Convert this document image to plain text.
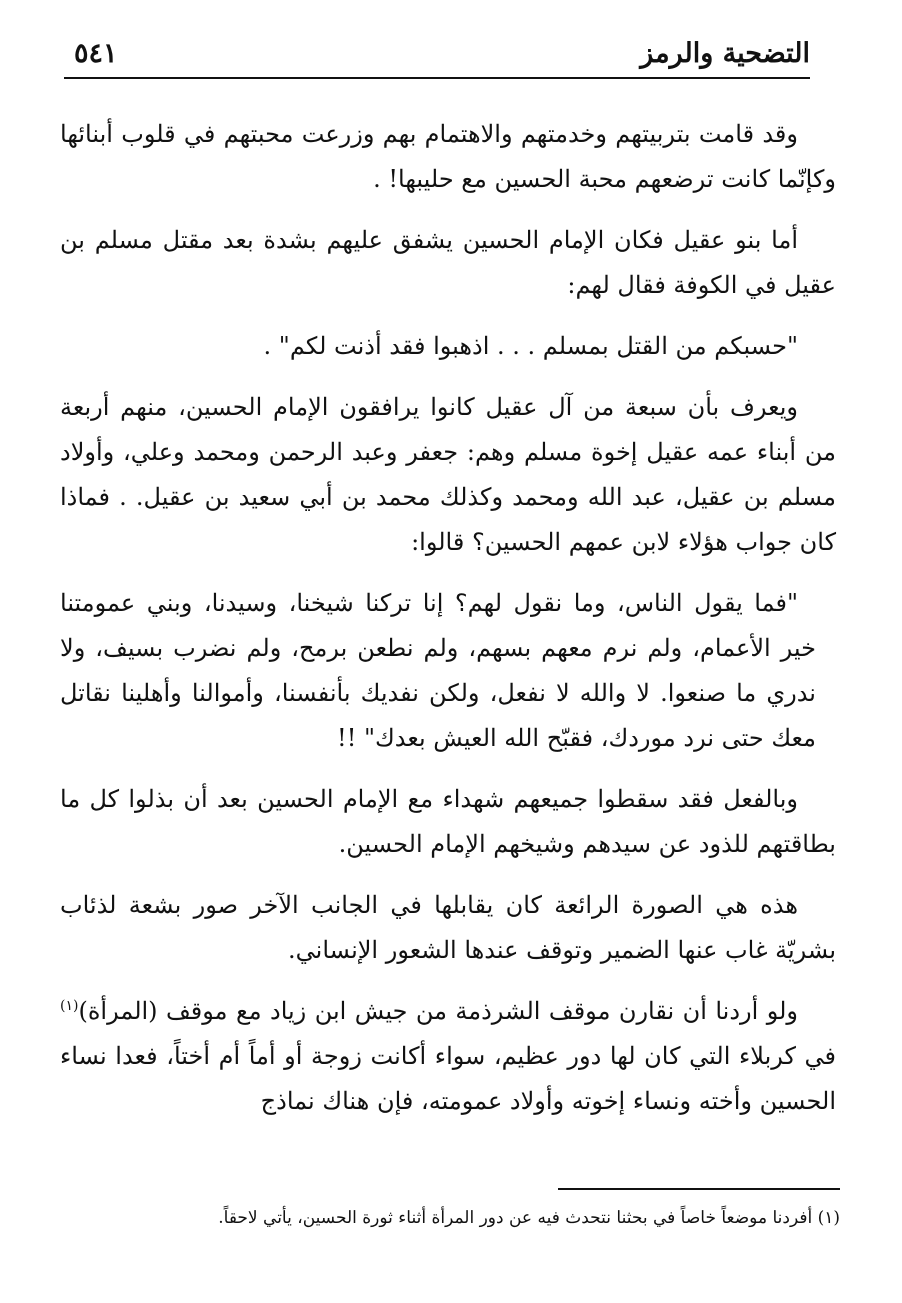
التضحية والرمز
٥٤١

وقد قامت بتربيتهم وخدمتهم والاهتمام بهم وزرعت محبتهم في قلوب أبنائها وكإنّما كانت ترضعهم محبة الحسين مع حليبها! .

أما بنو عقيل فكان الإمام الحسين يشفق عليهم بشدة بعد مقتل مسلم بن عقيل في الكوفة فقال لهم:

"حسبكم من القتل بمسلم . . . اذهبوا فقد أذنت لكم" .

ويعرف بأن سبعة من آل عقيل كانوا يرافقون الإمام الحسين، منهم أربعة من أبناء عمه عقيل إخوة مسلم وهم: جعفر وعبد الرحمن ومحمد وعلي، وأولاد مسلم بن عقيل، عبد الله ومحمد وكذلك محمد بن أبي سعيد بن عقيل. . فماذا كان جواب هؤلاء لابن عمهم الحسين؟ قالوا:

"فما يقول الناس، وما نقول لهم؟ إنا تركنا شيخنا، وسيدنا، وبني عمومتنا خير الأعمام، ولم نرم معهم بسهم، ولم نطعن برمح، ولم نضرب بسيف، ولا ندري ما صنعوا. لا والله لا نفعل، ولكن نفديك بأنفسنا، وأموالنا وأهلينا نقاتل معك حتى نرد موردك، فقبّح الله العيش بعدك" !!

وبالفعل فقد سقطوا جميعهم شهداء مع الإمام الحسين بعد أن بذلوا كل ما بطاقتهم للذود عن سيدهم وشيخهم الإمام الحسين.

هذه هي الصورة الرائعة كان يقابلها في الجانب الآخر صور بشعة لذئاب بشريّة غاب عنها الضمير وتوقف عندها الشعور الإنساني.

ولو أردنا أن نقارن موقف الشرذمة من جيش ابن زياد مع موقف (المرأة)$^{(١)}$ في كربلاء التي كان لها دور عظيم، سواء أكانت زوجة أو أماً أم أختاً، فعدا نساء الحسين وأخته ونساء إخوته وأولاد عمومته، فإن هناك نماذج

(١) أفردنا موضعاً خاصاً في بحثنا نتحدث فيه عن دور المرأة أثناء ثورة الحسين، يأتي لاحقاً.
